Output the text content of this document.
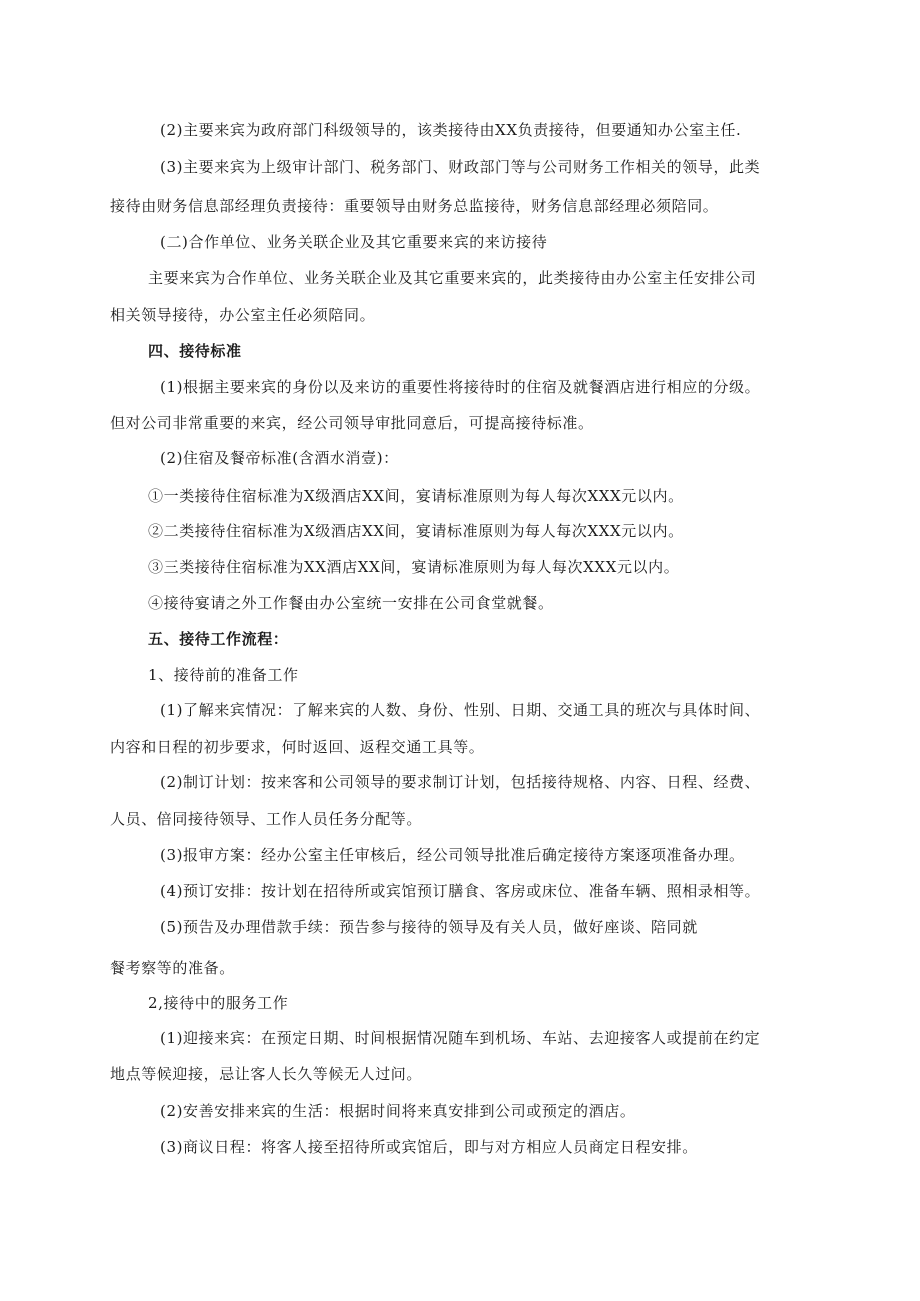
(2)主要来宾为政府部门科级领导的，该类接待由XX负责接待，但要通知办公室主任.
(3)主要来宾为上级审计部门、税务部门、财政部门等与公司财务工作相关的领导，此类
接待由财务信息部经理负责接待：重要领导由财务总监接待，财务信息部经理必须陪同。
(二)合作单位、业务关联企业及其它重要来宾的来访接待
主要来宾为合作单位、业务关联企业及其它重要来宾的，此类接待由办公室主任安排公司
相关领导接待，办公室主任必须陪同。
四、接待标准
(1)根据主要来宾的身份以及来访的重要性将接待时的住宿及就餐酒店进行相应的分级。
但对公司非常重要的来宾，经公司领导审批同意后，可提高接待标准。
(2)住宿及餐帝标准(含酒水消壹)：
①一类接待住宿标准为X级酒店XX间，宴请标准原则为每人每次XXX元以内。
②二类接待住宿标准为X级酒店XX间，宴请标准原则为每人每次XXX元以内。
③三类接待住宿标准为XX酒店XX间，宴请标准原则为每人每次XXX元以内。
④接待宴请之外工作餐由办公室统一安排在公司食堂就餐。
五、接待工作流程：
1、接待前的准备工作
(1)了解来宾情况：了解来宾的人数、身份、性别、日期、交通工具的班次与具体时间、
内容和日程的初步要求，何时返回、返程交通工具等。
(2)制订计划：按来客和公司领导的要求制订计划，包括接待规格、内容、日程、经费、
人员、倍同接待领导、工作人员任务分配等。
(3)报审方案：经办公室主任审核后，经公司领导批准后确定接待方案逐项准备办理。
(4)预订安排：按计划在招待所或宾馆预订膳食、客房或床位、准备车辆、照相录相等。
(5)预告及办理借款手续：预告参与接待的领导及有关人员，做好座谈、陪同就
餐考察等的准备。
2,接待中的服务工作
(1)迎接来宾：在预定日期、时间根据情况随车到机场、车站、去迎接客人或提前在约定
地点等候迎接，忌让客人长久等候无人过问。
(2)安善安排来宾的生活：根据时间将来真安排到公司或预定的酒店。
(3)商议日程：将客人接至招待所或宾馆后，即与对方相应人员商定日程安排。
